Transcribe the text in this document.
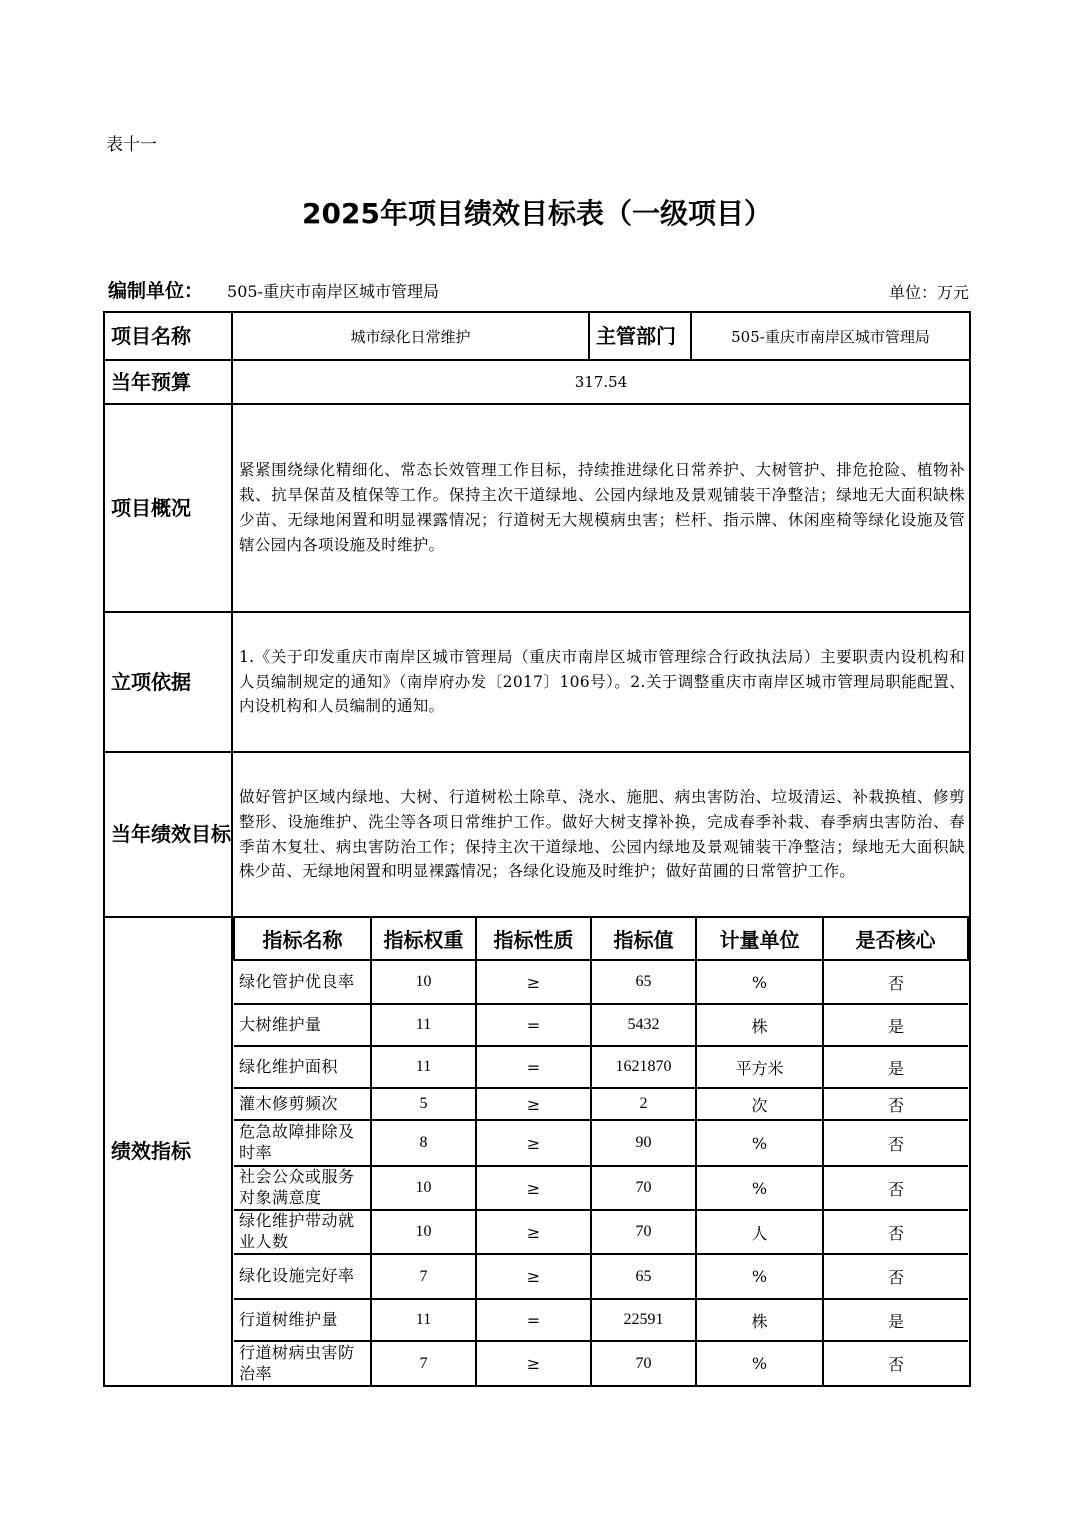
表十一
2025年项目绩效目标表（一级项目）
编制单位： 505-重庆市南岸区城市管理局	单位：万元
项目名称	城市绿化日常维护	主管部门	505-重庆市南岸区城市管理局
当年预算	317.54
项目概况	紧紧围绕绿化精细化、常态长效管理工作目标，持续推进绿化日常养护、大树管护、排危抢险、植物补栽、抗旱保苗及植保等工作。保持主次干道绿地、公园内绿地及景观铺装干净整洁；绿地无大面积缺株少苗、无绿地闲置和明显裸露情况；行道树无大规模病虫害；栏杆、指示牌、休闲座椅等绿化设施及管辖公园内各项设施及时维护。
立项依据	1.《关于印发重庆市南岸区城市管理局（重庆市南岸区城市管理综合行政执法局）主要职责内设机构和人员编制规定的通知》（南岸府办发〔2017〕106号）。2.关于调整重庆市南岸区城市管理局职能配置、内设机构和人员编制的通知。
当年绩效目标	做好管护区域内绿地、大树、行道树松土除草、浇水、施肥、病虫害防治、垃圾清运、补栽换植、修剪整形、设施维护、洗尘等各项日常维护工作。做好大树支撑补换，完成春季补栽、春季病虫害防治、春季苗木复壮、病虫害防治工作；保持主次干道绿地、公园内绿地及景观铺装干净整洁；绿地无大面积缺株少苗、无绿地闲置和明显裸露情况；各绿化设施及时维护；做好苗圃的日常管护工作。
绩效指标	
指标名称	指标权重	指标性质	指标值	计量单位	是否核心
绿化管护优良率	10	≥	65	%	否
大树维护量	11	=	5432	株	是
绿化维护面积	11	=	1621870	平方米	是
灌木修剪频次	5	≥	2	次	否
危急故障排除及时率	8	≥	90	%	否
社会公众或服务对象满意度	10	≥	70	%	否
绿化维护带动就业人数	10	≥	70	人	否
绿化设施完好率	7	≥	65	%	否
行道树维护量	11	=	22591	株	是
行道树病虫害防治率	7	≥	70	%	否
